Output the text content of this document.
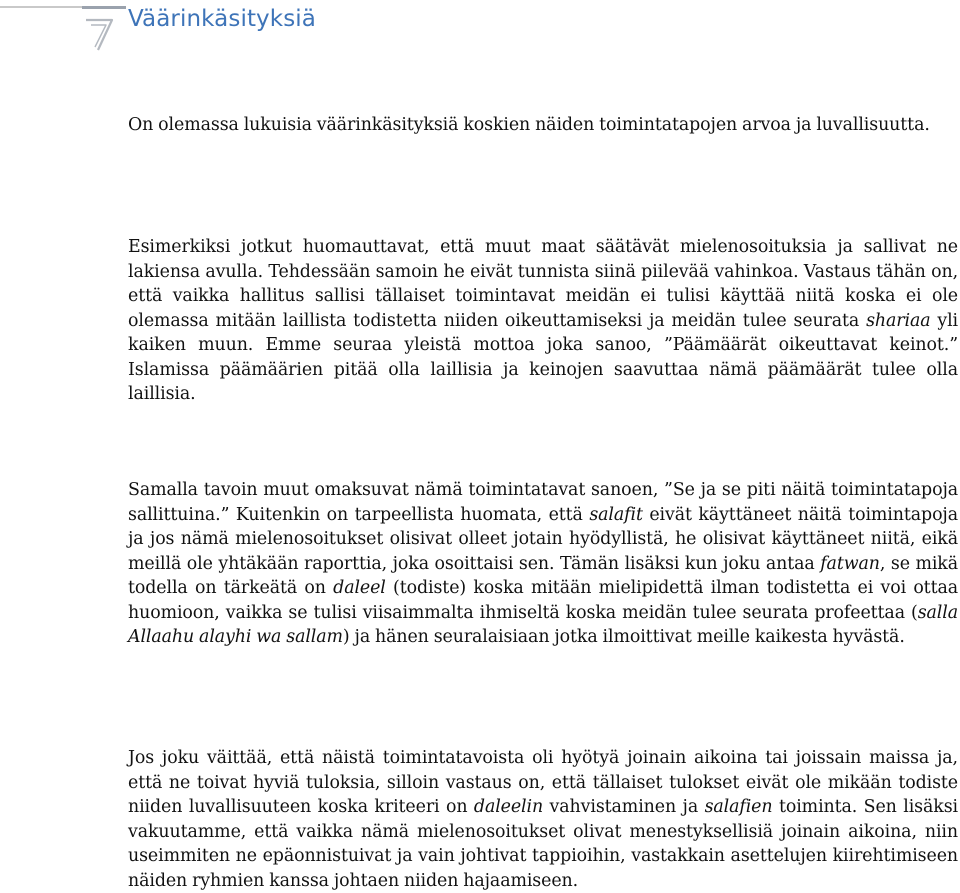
Väärinkäsityksiä

On olemassa lukuisia väärinkäsityksiä koskien näiden toimintatapojen arvoa ja luvallisuutta.

Esimerkiksi jotkut huomauttavat, että muut maat säätävät mielenosoituksia ja sallivat ne lakiensa avulla. Tehdessään samoin he eivät tunnista siinä piilevää vahinkoa. Vastaus tähän on, että vaikka hallitus sallisi tällaiset toimintavat meidän ei tulisi käyttää niitä koska ei ole olemassa mitään laillista todistetta niiden oikeuttamiseksi ja meidän tulee seurata shariaa yli kaiken muun. Emme seuraa yleistä mottoa joka sanoo, ”Päämäärät oikeuttavat keinot.” Islamissa päämäärien pitää olla laillisia ja keinojen saavuttaa nämä päämäärät tulee olla laillisia.

Samalla tavoin muut omaksuvat nämä toimintatavat sanoen, ”Se ja se piti näitä toimintatapoja sallittuina.” Kuitenkin on tarpeellista huomata, että salafit eivät käyttäneet näitä toimintapoja ja jos nämä mielenosoitukset olisivat olleet jotain hyödyllistä, he olisivat käyttäneet niitä, eikä meillä ole yhtäkään raporttia, joka osoittaisi sen. Tämän lisäksi kun joku antaa fatwan, se mikä todella on tärkeätä on daleel (todiste) koska mitään mielipidettä ilman todistetta ei voi ottaa huomioon, vaikka se tulisi viisaimmalta ihmiseltä koska meidän tulee seurata profeettaa (salla Allaahu alayhi wa sallam) ja hänen seuralaisiaan jotka ilmoittivat meille kaikesta hyvästä.

Jos joku väittää, että näistä toimintatavoista oli hyötyä joinain aikoina tai joissain maissa ja, että ne toivat hyviä tuloksia, silloin vastaus on, että tällaiset tulokset eivät ole mikään todiste niiden luvallisuuteen koska kriteeri on daleelin vahvistaminen ja salafien toiminta. Sen lisäksi vakuutamme, että vaikka nämä mielenosoitukset olivat menestyksellisiä joinain aikoina, niin useimmiten ne epäonnistuivat ja vain johtivat tappioihin, vastakkain asettelujen kiirehtimiseen näiden ryhmien kanssa johtaen niiden hajaamiseen.
